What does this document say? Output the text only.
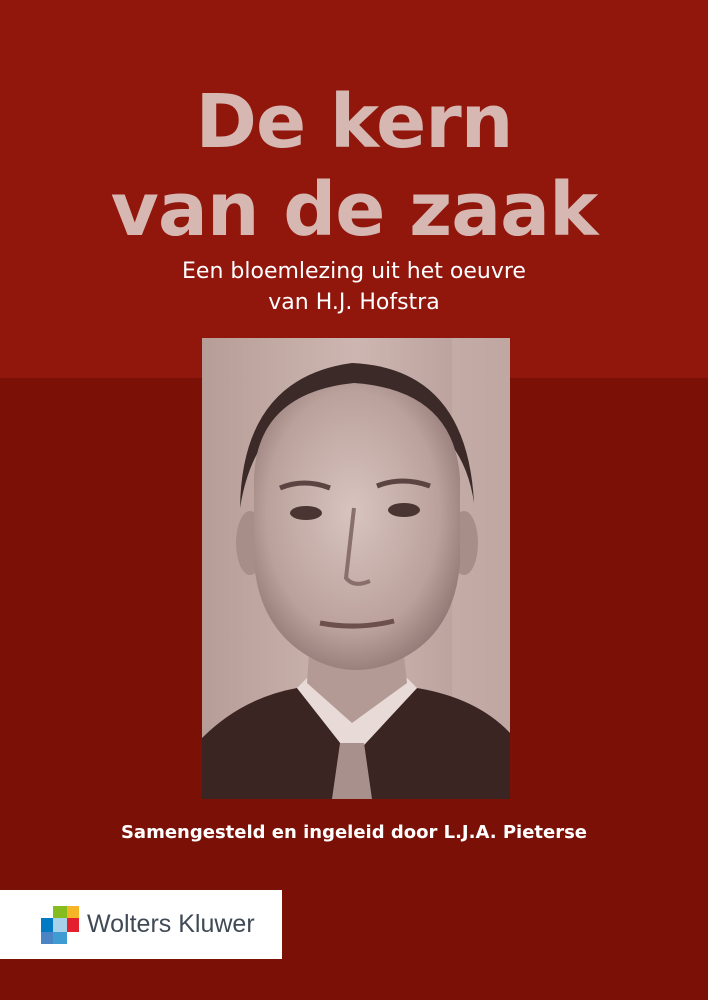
De kern
van de zaak
Een bloemlezing uit het oeuvre
van H.J. Hofstra
Samengesteld en ingeleid door L.J.A. Pieterse
Wolters Kluwer
